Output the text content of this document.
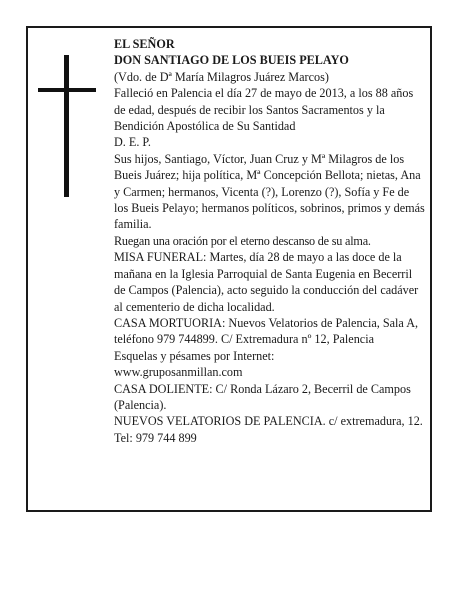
EL SEÑOR

DON SANTIAGO DE LOS BUEIS PELAYO

(Vdo. de Dª María Milagros Juárez Marcos)

Falleció en Palencia el día 27 de mayo de 2013, a los 88 años de edad, después de recibir los Santos Sacramentos y la Bendición Apostólica de Su Santidad

D. E. P.

Sus hijos, Santiago, Víctor, Juan Cruz y Mª Milagros de los Bueis Juárez; hija política, Mª Concepción Bellota; nietas, Ana y Carmen; hermanos, Vicenta (?), Lorenzo (?), Sofía y Fe de los Bueis Pelayo; hermanos políticos, sobrinos, primos y demás familia.

Ruegan una oración por el eterno descanso de su alma.

MISA FUNERAL: Martes, día 28 de mayo a las doce de la mañana en la Iglesia Parroquial de Santa Eugenia en Becerril de Campos (Palencia), acto seguido la conducción del cadáver al cementerio de dicha localidad.

CASA MORTUORIA: Nuevos Velatorios de Palencia, Sala A, teléfono 979 744899. C/ Extremadura nº 12, Palencia

Esquelas y pésames por Internet:

www.gruposanmillan.com

CASA DOLIENTE: C/ Ronda Lázaro 2, Becerril de Campos (Palencia).

NUEVOS VELATORIOS DE PALENCIA. c/ extremadura, 12. Tel: 979 744 899
